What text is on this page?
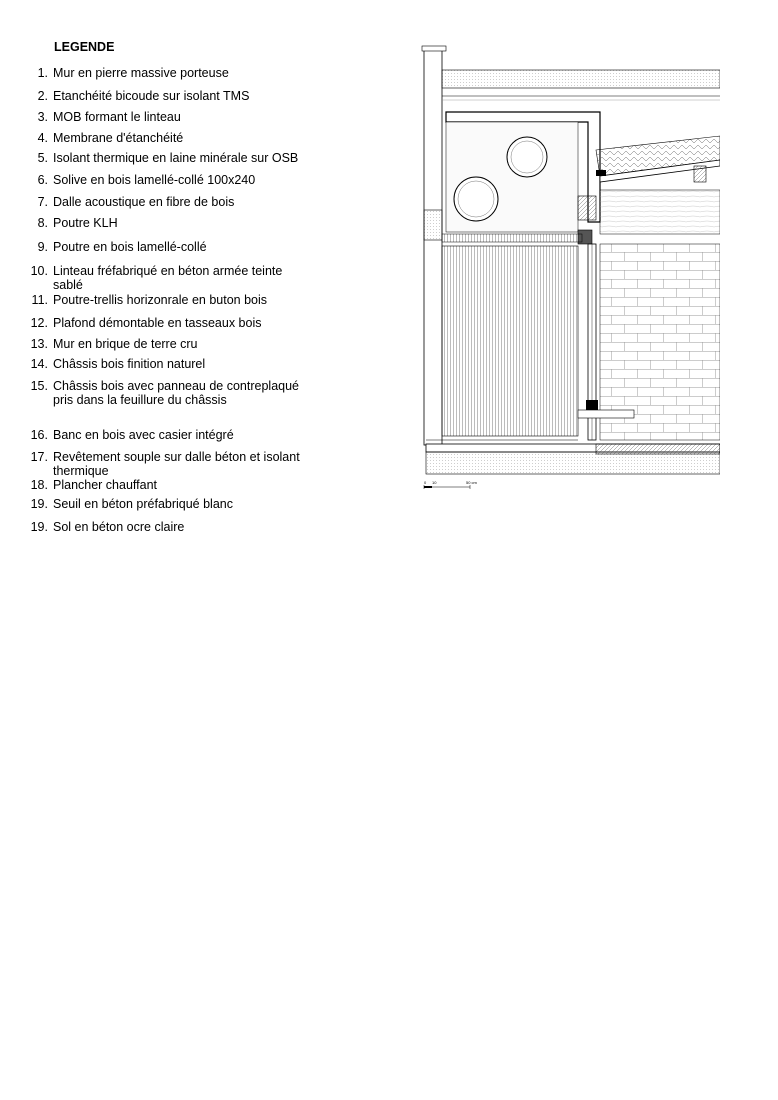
LEGENDE
1. Mur en pierre massive porteuse
2. Etanchéité bicoude sur isolant TMS
3. MOB formant le linteau
4. Membrane d'étanchéité
5. Isolant thermique en laine minérale sur OSB
6. Solive en bois lamellé-collé 100x240
7. Dalle acoustique en fibre de bois
8. Poutre KLH
9. Poutre en bois lamellé-collé
10. Linteau fréfabriqué en béton armée teinte sablé
11. Poutre-trellis horizonrale en buton bois
12. Plafond démontable en tasseaux bois
13. Mur en brique de terre cru
14. Châssis bois finition naturel
15. Châssis bois avec panneau de contreplaqué pris dans la feuillure du châssis
16. Banc en bois avec casier intégré
17. Revêtement souple sur dalle béton et isolant thermique
18. Plancher chauffant
19. Seuil en béton préfabriqué blanc
19. Sol en béton ocre claire
0 10	50 cm
